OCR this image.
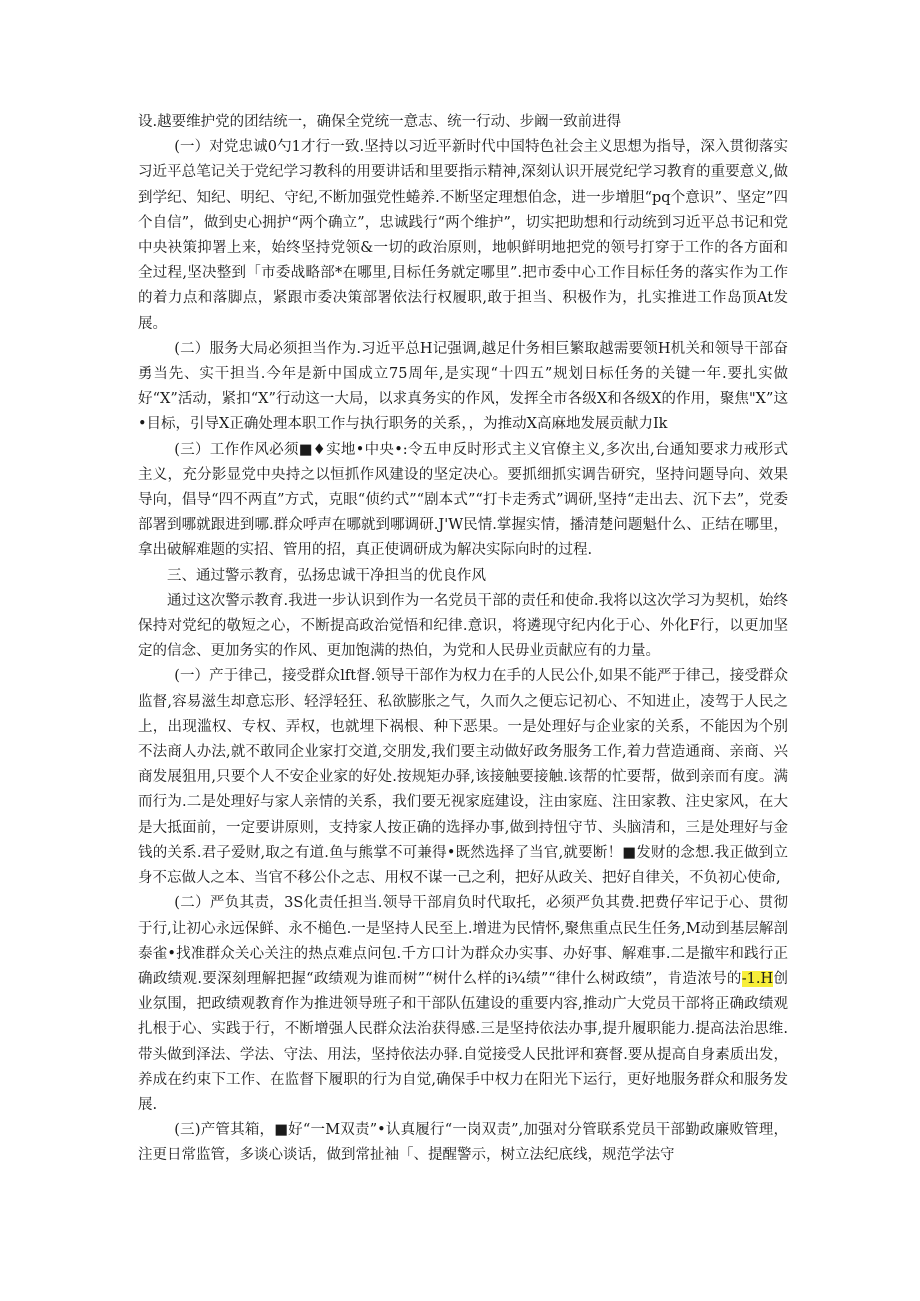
设.越要维护党的团结统一，确保全党统一意志、统一行动、步阚一致前进得

(一）对党忠诚0勺1才行一致.坚持以习近平新时代中国特色社会主义思想为指导，深入贯彻落实习近平总笔记关于党纪学习教科的用要讲话和里要指示精神,深刻认识开展党纪学习教育的重要意义,做到学纪、知纪、明纪、守纪,不断加强党性蜷养.不断坚定理想伯念，进一步增胆“pq个意识”、坚定”四个自信”，做到史心拥护“两个确立”，忠诚践行“两个维护”，切实把助想和行动统到习近平总书记和党中央袂策抑署上来，始终坚持党领&一切的政治原则，地帜鲜明地把党的领号打穿于工作的各方面和全过程,坚决整到「市委战略部*在哪里,目标任务就定哪里”.把市委中心工作目标任务的落实作为工作的着力点和落脚点，紧跟市委决策部署依法行权履职,敢于担当、积极作为，扎实推进工作岛顶At发展。

(二）服务大局必须担当作为.习近平总H记强调,越足什务相巨繁取越需要领H机关和领导干部奋勇当先、实干担当.今年是新中国成立75周年,是实现“十四五”规划日标任务的关键一年.要扎实做好“X”活动，紧扣“X”行动这一大局，以求真务实的作风，发挥全市各级X和各级X的作用，聚焦"X”这•目标，引导X正确处理本职工作与执行职务的关系，，为推动X高麻地发展贡献力Ik

(三）工作作风必须■♦实地•中央•:令五申反时形式主义官僚主义,多次出,台通知要求力戒形式主义，充分影显党中央持之以恒抓作风建设的坚定决心。要抓细抓实调告研究，坚持问题导向、效果导向，倡导“四不两直”方式，克眼“侦约式”“剧本式”“打卡走秀式”调研,坚持“走出去、沉下去”，党委部署到哪就跟进到哪.群众呼声在哪就到哪调研.J'W民情.掌握实情，播清楚问题魁什么、正结在哪里，拿出破解难题的实招、管用的招，真正使调研成为解决实际向时的过程.

三、通过警示教育，弘扬忠诚干净担当的优良作风

通过这次警示教育.我进一步认识到作为一名党员干部的责任和使命.我将以这次学习为契机，始终保持对党纪的敬短之心，不断提高政治觉悟和纪律.意识，将遴现守纪内化于心、外化F行，以更加坚定的信念、更加务实的作风、更加饱满的热伯，为党和人民毋业贡献应有的力量。

(一）产于律己，接受群众lft督.领导干部作为权力在手的人民公仆,如果不能严于律己，接受群众监督,容易滋生却意忘形、轻浮轻狂、私欲膨胀之气，久而久之便忘记初心、不知进止，凌驾于人民之上，出现滥权、专权、弄权，也就埋下祸根、种下恶果。一是处理好与企业家的关系，不能因为个别不法商人办法,就不敢同企业家打交道,交朋发,我们要主动做好政务服务工作,着力营造通商、亲商、兴商发展狙用,只要个人不安企业家的好处.按规矩办驿,该接触要接触.该帮的忙要帮，做到亲而有度。满而行为.二是处理好与家人亲情的关系，我们要无视家庭建设，注由家庭、注田家教、注史家风，在大是大抵面前，一定要讲原则，支持家人按正确的选择办事,做到持忸守节、头脑清和，三是处理好与金钱的关系.君子爱财,取之有道.鱼与熊掌不可兼得•既然选择了当官,就要断！■发财的念想.我正做到立身不忘做人之本、当官不移公仆之志、用权不谋一己之利，把好从政关、把好自律关，不负初心使命,

(二）严负其责，3S化责任担当.领导干部肩负时代取托，必须严负其费.把费仔牢记于心、贯彻于行,让初心永远保鲜、永不槌色.一是坚持人民至上.增进为民情怀,聚焦重点民生任务,M动到基层解剖泰雀•找准群众关心关注的热点难点问包.千方口计为群众办实事、办好事、解难事.二是撤牢和践行正确政绩观.要深刻理解把握“政绩观为谁而树”“树什么样的i¾绩”“律什么树政绩”，肯造浓号的-1.H创业氛围，把政绩观教育作为推进领导班子和干部队伍建设的重要内容,推动广大党员干部将正确政绩观扎根于心、实践于行，不断增强人民群众法治获得感.三是坚持依法办事,提升履职能力.提高法治思维.带头做到泽法、学法、守法、用法，坚持依法办驿.自觉接受人民批评和赛督.要从提高自身素质出发，养成在约束下工作、在监督下履职的行为自觉,确保手中权力在阳光下运行，更好地服务群众和服务发展.

(三)产管其箱，■好“一M双责”•认真履行“一岗双责”,加强对分管联系党员干部勤政廉败管理，注更日常监管，多谈心谈话，做到常扯袖「、提醒警示，树立法纪底线，规范学法守
